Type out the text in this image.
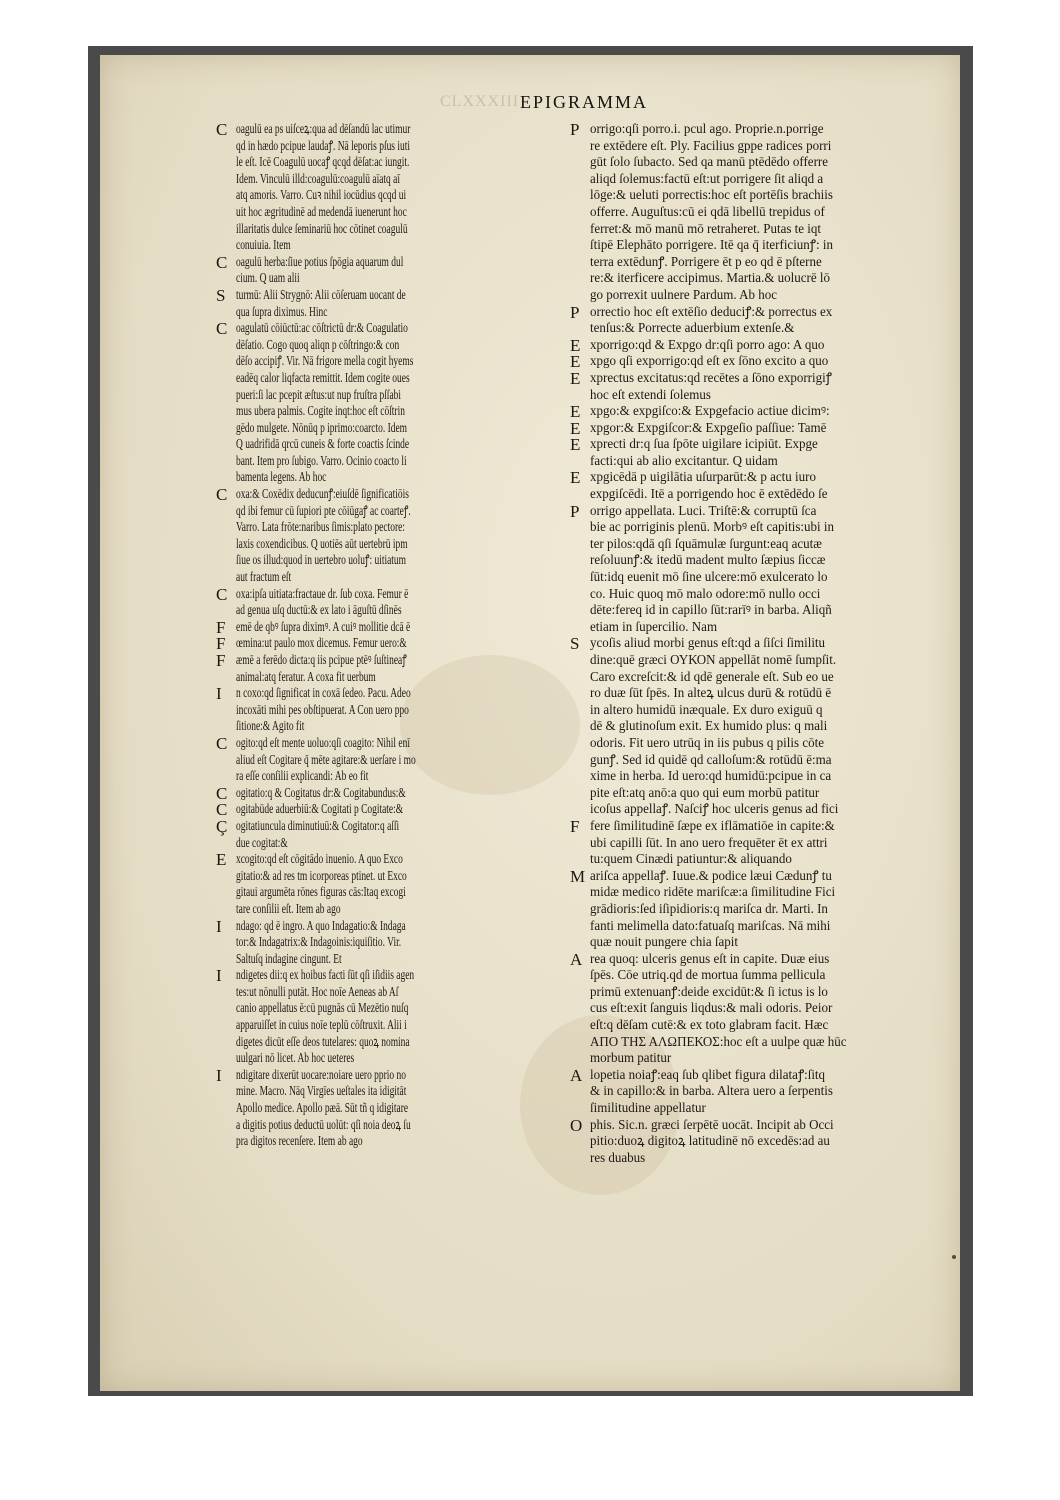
CLXXXIII EPIGRAMMA
C oagulū ea ps uiſceꝝ:qua ad dēſandū lac utimur
qd in hædo pcipue laudaꝭ. Nā leporis pſus iuti
le eſt. Icē Coagulū uocaꝭ qcqd dēſat:ac iungit.
Idem. Vinculū illd:coagulū:coagulū aīatq aī
atq amoris. Varro. Cuꝛ nihil iocūdius qcqd ui
uit hoc ægritudinē ad medendā iuenerunt hoc
illaritatis dulce ſeminariū hoc cōtinet coagulū
conuiuia. Item
C oagulū herba:ſiue potius ſpōgia aquarum dul
cium. Q uam alii
S turmū: Alii Strygnō: Alii cōſeruam uocant de
qua ſupra diximus. Hinc
C oagulatū cōiūctū:ac cōſtrictū dr:& Coagulatio
dēſatio. Cogo quoq aliqn p cōſtringo:& con
dēſo accipiꝭ. Vir. Nā frigore mella cogit hyems
eadēq calor liqfacta remittit. Idem cogite oues
pueri:ſi lac pcepit æſtus:ut nup fruſtra pſſabi
mus ubera palmis. Cogite inqt:hoc eſt cōſtrin
gēdo mulgete. Nōnūq p iprimo:coarcto. Idem
Q uadrifidā qrcū cuneis & forte coactis ſcinde
bant. Item pro ſubigo. Varro. Ocinio coacto li
bamenta legens. Ab hoc
C oxa:& Coxēdix deducunꝭ:eiuſdē ſignificatiōis
qd ibi femur cū ſupiori pte cōiūgaꝭ ac coarteꝭ.
Varro. Lata frōte:naribus ſimis:plato pectore:
laxis coxendicibus. Q uotiēs aūt uertebrū ipm
ſiue os illud:quod in uertebro uoluꝭ: uitiatum
aut fractum eſt
C oxa:ipſa uitiata:fractaue dr. ſub coxa. Femur ē
ad genua uſq ductū:& ex lato i āguſtū dſinēs
F emē de qbꝰ ſupra diximꝰ. A cuiꝰ mollitie dcā ē
F œmina:ut paulo mox dicemus. Femur uero:&
F æmē a ferēdo dicta:q iis pcipue ptēꝰ ſuſtineaꝭ
animal:atq feratur. A coxa fit uerbum
I n coxo:qd ſignificat in coxā ſedeo. Pacu. Adeo
incoxāti mihi pes obſtipuerat. A Con uero ppo
ſitione:& Agito fit
C ogito:qd eſt mente uoluo:qſi coagito: Nihil enī
aliud eſt Cogitare q̄ mēte agitare:& uerſare i mo
ra eſſe conſilii explicandi: Ab eo fit
C ogitatio:q & Cogitatus dr:& Cogitabundus:&
C ogitabūde aduerbiū:& Cogitati p Cogitate:&
Ç ogitatiuncula diminutiuū:& Cogitator:q aſſi
due cogitat:&
E xcogito:qd eſt cōgitādo inuenio. A quo Exco
gitatio:& ad res tm icorporeas ptinet. ut Exco
gitaui argumēta rōnes figuras cās:Itaq excogi
tare conſilii eſt. Item ab ago
I ndago: qd ē ingro. A quo Indagatio:& Indaga
tor:& Indagatrix:& Indagoinis:iquiſitio. Vir.
Saltuſq indagine cingunt. Et
I ndigetes dii:q ex hoibus facti ſūt qſi iſidiis agen
tes:ut nōnulli putāt. Hoc noīe Aeneas ab Aſ
canio appellatus ē:cū pugnās cū Mezētio nuſq
apparuiſſet in cuius noīe teplū cōſtruxit. Alii i
digetes dicūt eſſe deos tutelares: quoꝝ nomina
uulgari nō licet. Ab hoc ueteres
I ndigitare dixerūt uocare:noiare uero pprio no
mine. Macro. Nāq Virgīes ueſtales ita idigitāt
Apollo medice. Apollo pæā. Sūt tñ q idigitare
a digitis potius deductū uolūt: qſi noia deoꝝ ſu
pra digitos recenſere. Item ab ago
P orrigo:qſi porro.i. pcul ago. Proprie.n.porrige
re extēdere eſt. Ply. Facilius gppe radices porri
gūt ſolo ſubacto. Sed qa manū ptēdēdo offerre
aliqd ſolemus:factū eſt:ut porrigere ſit aliqd a
lōge:& ueluti porrectis:hoc eſt portēſis brachiis
offerre. Auguſtus:cū ei qdā libellū trepidus of
ferret:& mō manū mō retraheret. Putas te iqt
ſtipē Elephāto porrigere. Itē qa q̄ iterficiunꝭ: in
terra extēdunꝭ. Porrigere ēt p eo qd ē pſterne
re:& iterficere accipimus. Martia.& uolucrē lō
go porrexit uulnere Pardum. Ab hoc
P orrectio hoc eſt extēſio deduciꝭ:& porrectus ex
tenſus:& Porrecte aduerbium extenſe.&
E xporrigo:qd & Expgo dr:qſi porro ago: A quo
E xpgo qſi exporrigo:qd eſt ex ſōno excito a quo
E xprectus excitatus:qd recētes a ſōno exporrigiꝭ
hoc eſt extendi ſolemus
E xpgo:& expgiſco:& Expgefacio actiue dicimꝰ:
E xpgor:& Expgiſcor:& Expgeſio paſſiue: Tamē
E xprecti dr:q ſua ſpōte uigilare icipiūt. Expge
facti:qui ab alio excitantur. Q uidam
E xpgicēdā p uigilātia uſurparūt:& p actu iuro
expgiſcēdi. Itē a porrigendo hoc ē extēdēdo ſe
P orrigo appellata. Luci. Triſtē:& corruptū ſca
bie ac porriginis plenū. Morbꝰ eſt capitis:ubi in
ter pilos:qdā qſi ſquāmulæ ſurgunt:eaq acutæ
reſoluunꝭ:& itedū madent multo ſæpius ſiccæ
ſūt:idq euenit mō ſine ulcere:mō exulcerato lo
co. Huic quoq mō malo odore:mō nullo occi
dēte:fereq id in capillo ſūt:rarīꝰ in barba. Aliqñ
etiam in ſupercilio. Nam
S ycoſis aliud morbi genus eſt:qd a ſiſci ſimilitu
dine:quē græci ΟΥΚΟΝ appellāt nomē ſumpſit.
Caro excreſcit:& id qdē generale eſt. Sub eo ue
ro duæ ſūt ſpēs. In alteꝝ ulcus durū & rotūdū ē
in altero humidū inæquale. Ex duro exiguū q
dē & glutinoſum exit. Ex humido plus: q mali
odoris. Fit uero utrūq in iis pubus q pilis cōte
gunꝭ. Sed id quidē qd calloſum:& rotūdū ē:ma
xime in herba. Id uero:qd humidū:pcipue in ca
pite eſt:atq anō:a quo qui eum morbū patitur
icoſus appellaꝭ. Naſciꝭ hoc ulceris genus ad fici
F fere ſimilitudinē ſæpe ex iflāmatiōe in capite:&
ubi capilli ſūt. In ano uero frequēter ēt ex attri
tu:quem Cinædi patiuntur:& aliquando
M ariſca appellaꝭ. Iuue.& podice læui Cædunꝭ tu
midæ medico ridēte mariſcæ:a ſimilitudine Fici
grādioris:ſed iſipidioris:q mariſca dr. Marti. In
fanti melimella dato:fatuaſq mariſcas. Nā mihi
quæ nouit pungere chia ſapit
A rea quoq: ulceris genus eſt in capite. Duæ eius
ſpēs. Cōe utriq.qd de mortua ſumma pellicula
primū extenuanꝭ:deide excidūt:& ſi ictus is lo
cus eſt:exit ſanguis liqdus:& mali odoris. Peior
eſt:q dēſam cutē:& ex toto glabram facit. Hæc
ΑΠΟ ΤΗΣ ΑΛΩΠΕΚΟΣ:hoc eſt a uulpe quæ hūc
morbum patitur
A lopetia noiaꝭ:eaq ſub qlibet figura dilataꝭ:ſitq
& in capillo:& in barba. Altera uero a ſerpentis
ſimilitudine appellatur
O phis. Sic.n. græci ſerpētē uocāt. Incipit ab Occi
pitio:duoꝝ digitoꝝ latitudinē nō excedēs:ad au
res duabus
